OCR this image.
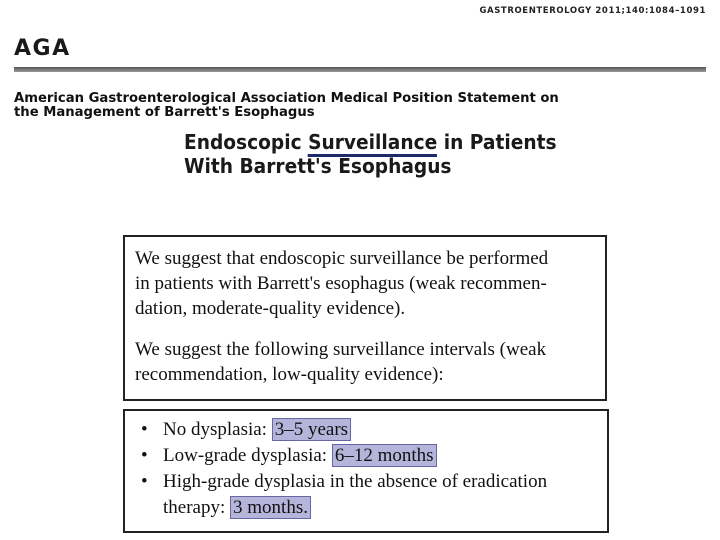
GASTROENTEROLOGY 2011;140:1084–1091
AGA
American Gastroenterological Association Medical Position Statement on
the Management of Barrett's Esophagus
Endoscopic Surveillance in Patients
With Barrett's Esophagus
We suggest that endoscopic surveillance be performed
in patients with Barrett's esophagus (weak recommen-
dation, moderate-quality evidence).
We suggest the following surveillance intervals (weak
recommendation, low-quality evidence):
• No dysplasia: 3–5 years
• Low-grade dysplasia: 6–12 months
• High-grade dysplasia in the absence of eradication
therapy: 3 months.
